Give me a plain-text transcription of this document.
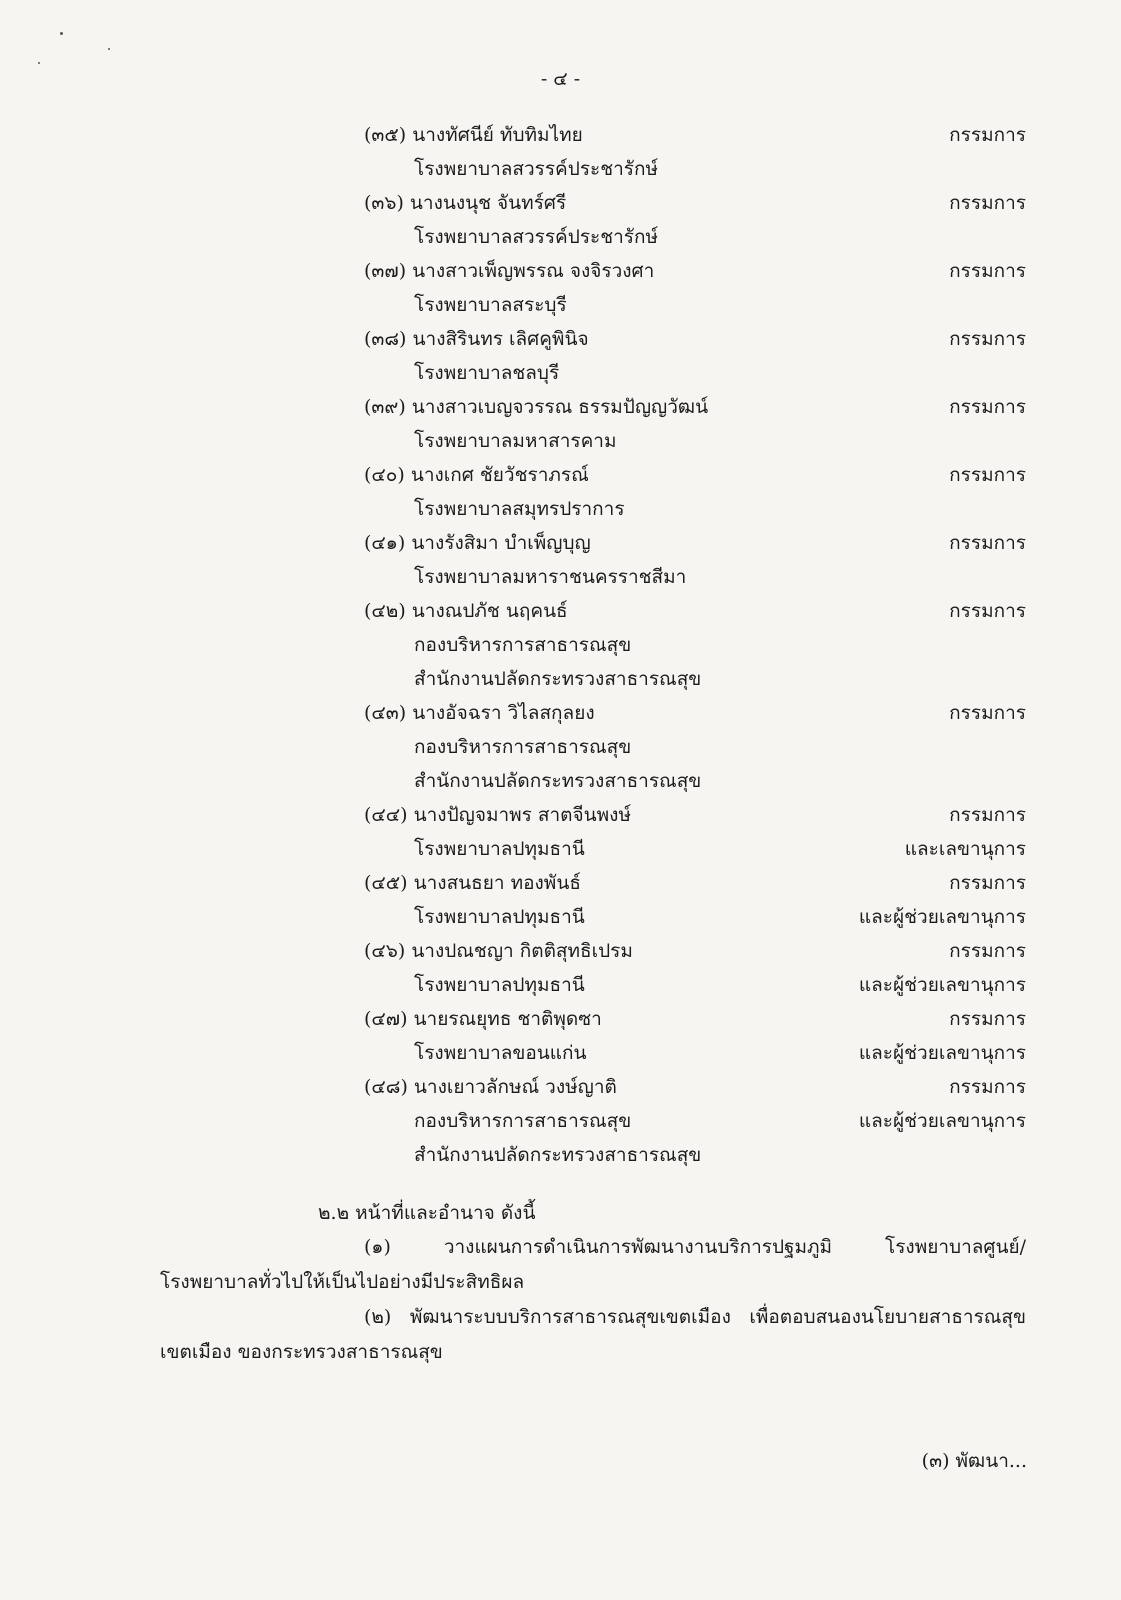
- ๔ -
(๓๕) นางทัศนีย์ ทับทิมไทย	กรรมการ
โรงพยาบาลสวรรค์ประชารักษ์
(๓๖) นางนงนุช จันทร์ศรี	กรรมการ
โรงพยาบาลสวรรค์ประชารักษ์
(๓๗) นางสาวเพ็ญพรรณ จงจิรวงศา	กรรมการ
โรงพยาบาลสระบุรี
(๓๘) นางสิรินทร เลิศคูพินิจ	กรรมการ
โรงพยาบาลชลบุรี
(๓๙) นางสาวเบญจวรรณ ธรรมปัญญวัฒน์	กรรมการ
โรงพยาบาลมหาสารคาม
(๔๐) นางเกศ ชัยวัชราภรณ์	กรรมการ
โรงพยาบาลสมุทรปราการ
(๔๑) นางรังสิมา บำเพ็ญบุญ	กรรมการ
โรงพยาบาลมหาราชนครราชสีมา
(๔๒) นางณปภัช นฤคนธ์	กรรมการ
กองบริหารการสาธารณสุข
สำนักงานปลัดกระทรวงสาธารณสุข
(๔๓) นางอัจฉรา วิไลสกุลยง	กรรมการ
กองบริหารการสาธารณสุข
สำนักงานปลัดกระทรวงสาธารณสุข
(๔๔) นางปัญจมาพร สาตจีนพงษ์	กรรมการ
โรงพยาบาลปทุมธานี	และเลขานุการ
(๔๕) นางสนธยา ทองพันธ์	กรรมการ
โรงพยาบาลปทุมธานี	และผู้ช่วยเลขานุการ
(๔๖) นางปณชญา กิตติสุทธิเปรม	กรรมการ
โรงพยาบาลปทุมธานี	และผู้ช่วยเลขานุการ
(๔๗) นายรณยุทธ ชาติพุดซา	กรรมการ
โรงพยาบาลขอนแก่น	และผู้ช่วยเลขานุการ
(๔๘) นางเยาวลักษณ์ วงษ์ญาติ	กรรมการ
กองบริหารการสาธารณสุข	และผู้ช่วยเลขานุการ
สำนักงานปลัดกระทรวงสาธารณสุข
๒.๒ หน้าที่และอำนาจ ดังนี้
(๑) วางแผนการดำเนินการพัฒนางานบริการปฐมภูมิ โรงพยาบาลศูนย์/
โรงพยาบาลทั่วไปให้เป็นไปอย่างมีประสิทธิผล
(๒) พัฒนาระบบบริการสาธารณสุขเขตเมือง เพื่อตอบสนองนโยบายสาธารณสุข
เขตเมือง ของกระทรวงสาธารณสุข
(๓) พัฒนา...
